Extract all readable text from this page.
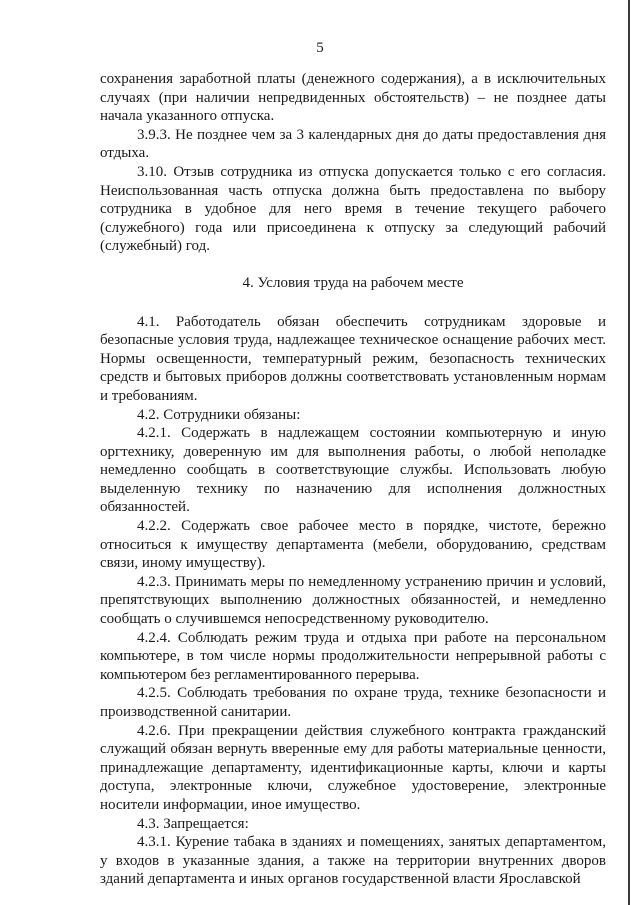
5

сохранения заработной платы (денежного содержания), а в исключительных случаях (при наличии непредвиденных обстоятельств) – не позднее даты начала указанного отпуска.

3.9.3. Не позднее чем за 3 календарных дня до даты предоставления дня отдыха.

3.10. Отзыв сотрудника из отпуска допускается только с его согласия. Неиспользованная часть отпуска должна быть предоставлена по выбору сотрудника в удобное для него время в течение текущего рабочего (служебного) года или присоединена к отпуску за следующий рабочий (служебный) год.

4. Условия труда на рабочем месте

4.1. Работодатель обязан обеспечить сотрудникам здоровые и безопасные условия труда, надлежащее техническое оснащение рабочих мест. Нормы освещенности, температурный режим, безопасность технических средств и бытовых приборов должны соответствовать установленным нормам и требованиям.

4.2. Сотрудники обязаны:

4.2.1. Содержать в надлежащем состоянии компьютерную и иную оргтехнику, доверенную им для выполнения работы, о любой неполадке немедленно сообщать в соответствующие службы. Использовать любую выделенную технику по назначению для исполнения должностных обязанностей.

4.2.2. Содержать свое рабочее место в порядке, чистоте, бережно относиться к имуществу департамента (мебели, оборудованию, средствам связи, иному имуществу).

4.2.3. Принимать меры по немедленному устранению причин и условий, препятствующих выполнению должностных обязанностей, и немедленно сообщать о случившемся непосредственному руководителю.

4.2.4. Соблюдать режим труда и отдыха при работе на персональном компьютере, в том числе нормы продолжительности непрерывной работы с компьютером без регламентированного перерыва.

4.2.5. Соблюдать требования по охране труда, технике безопасности и производственной санитарии.

4.2.6. При прекращении действия служебного контракта гражданский служащий обязан вернуть вверенные ему для работы материальные ценности, принадлежащие департаменту, идентификационные карты, ключи и карты доступа, электронные ключи, служебное удостоверение, электронные носители информации, иное имущество.

4.3. Запрещается:

4.3.1. Курение табака в зданиях и помещениях, занятых департаментом, у входов в указанные здания, а также на территории внутренних дворов зданий департамента и иных органов государственной власти Ярославской
